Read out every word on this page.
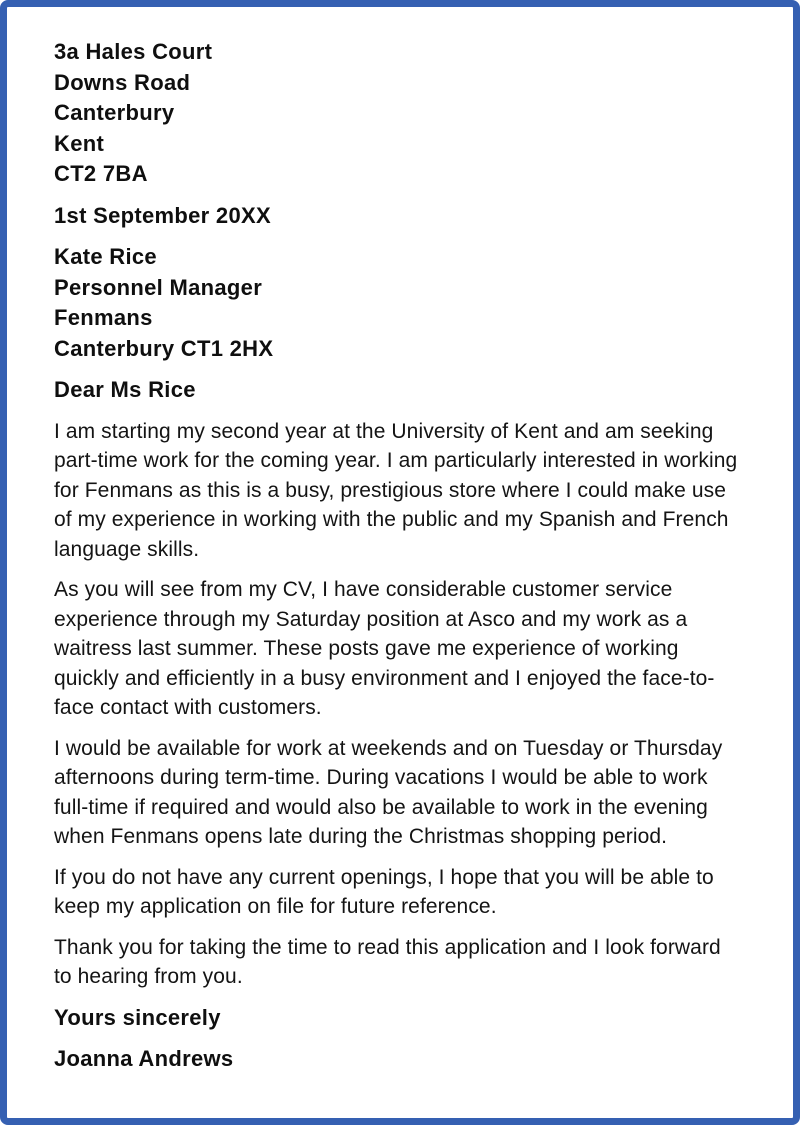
3a Hales Court
Downs Road
Canterbury
Kent
CT2 7BA
1st September 20XX
Kate Rice
Personnel Manager
Fenmans
Canterbury CT1 2HX
Dear Ms Rice

I am starting my second year at the University of Kent and am seeking part-time work for the coming year. I am particularly interested in working for Fenmans as this is a busy, prestigious store where I could make use of my experience in working with the public and my Spanish and French language skills.

As you will see from my CV, I have considerable customer service experience through my Saturday position at Asco and my work as a waitress last summer. These posts gave me experience of working quickly and efficiently in a busy environment and I enjoyed the face-to-face contact with customers.

I would be available for work at weekends and on Tuesday or Thursday afternoons during term-time. During vacations I would be able to work full-time if required and would also be available to work in the evening when Fenmans opens late during the Christmas shopping period.

If you do not have any current openings, I hope that you will be able to keep my application on file for future reference.

Thank you for taking the time to read this application and I look forward to hearing from you.

Yours sincerely
Joanna Andrews
